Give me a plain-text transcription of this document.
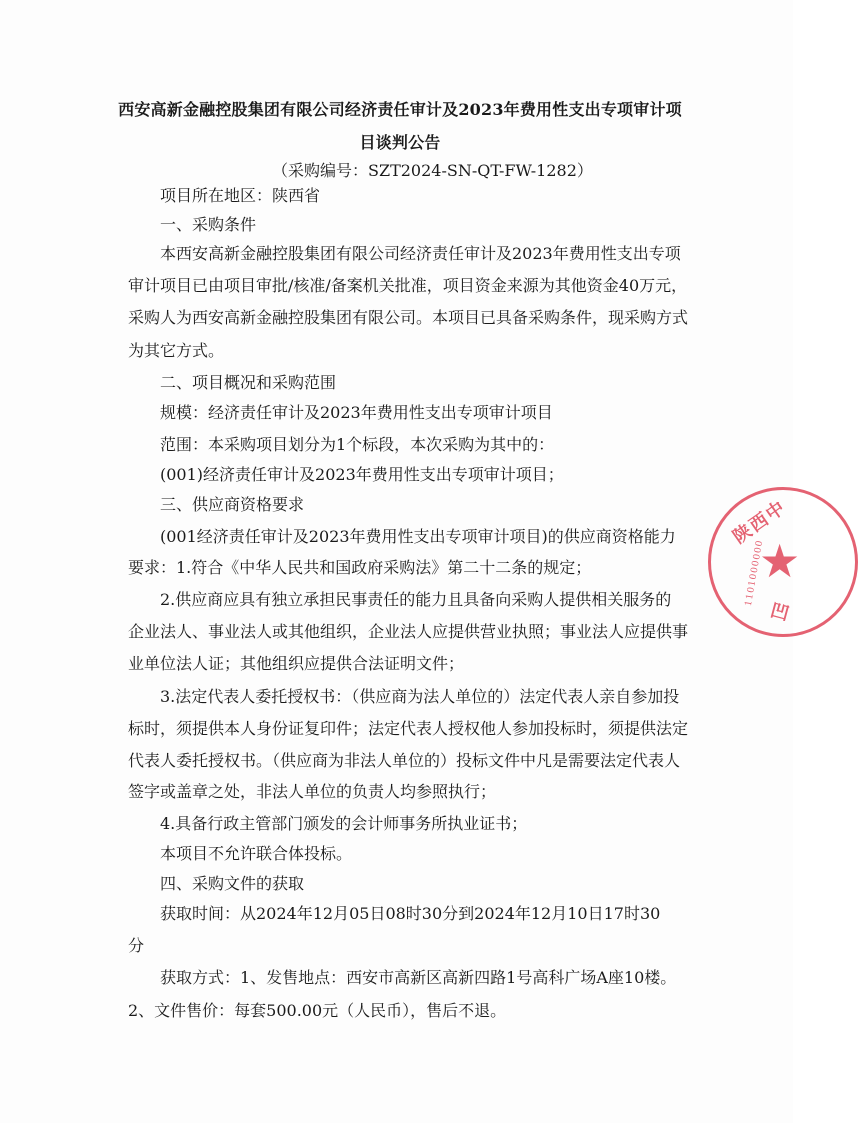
西安高新金融控股集团有限公司经济责任审计及2023年费用性支出专项审计项
目谈判公告
（采购编号：SZT2024-SN-QT-FW-1282）
项目所在地区：陕西省
一、采购条件
本西安高新金融控股集团有限公司经济责任审计及2023年费用性支出专项
审计项目已由项目审批/核准/备案机关批准，项目资金来源为其他资金40万元，
采购人为西安高新金融控股集团有限公司。本项目已具备采购条件，现采购方式
为其它方式。
二、项目概况和采购范围
规模：经济责任审计及2023年费用性支出专项审计项目
范围：本采购项目划分为1个标段，本次采购为其中的：
(001)经济责任审计及2023年费用性支出专项审计项目；
三、供应商资格要求
(001经济责任审计及2023年费用性支出专项审计项目)的供应商资格能力
要求：1.符合《中华人民共和国政府采购法》第二十二条的规定；
2.供应商应具有独立承担民事责任的能力且具备向采购人提供相关服务的
企业法人、事业法人或其他组织，企业法人应提供营业执照；事业法人应提供事
业单位法人证；其他组织应提供合法证明文件；
3.法定代表人委托授权书：（供应商为法人单位的）法定代表人亲自参加投
标时，须提供本人身份证复印件；法定代表人授权他人参加投标时，须提供法定
代表人委托授权书。（供应商为非法人单位的）投标文件中凡是需要法定代表人
签字或盖章之处，非法人单位的负责人均参照执行；
4.具备行政主管部门颁发的会计师事务所执业证书；
本项目不允许联合体投标。
四、采购文件的获取
获取时间：从2024年12月05日08时30分到2024年12月10日17时30
分
获取方式：1、发售地点：西安市高新区高新四路1号高科广场A座10楼。
2、文件售价：每套500.00元（人民币），售后不退。
陕西中
★
1101000000
凹
